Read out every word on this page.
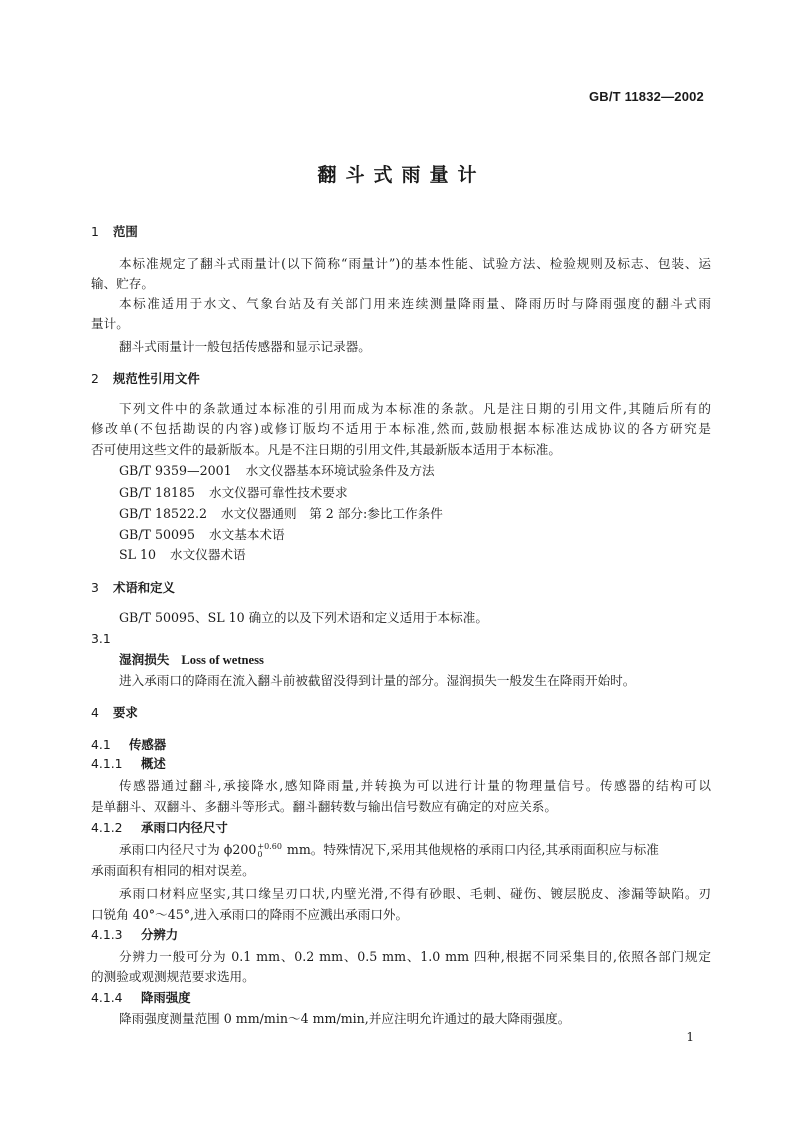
GB/T 11832—2002
翻斗式雨量计
1 范围
本标准规定了翻斗式雨量计(以下简称“雨量计”)的基本性能、试验方法、检验规则及标志、包装、运
输、贮存。
本标准适用于水文、气象台站及有关部门用来连续测量降雨量、降雨历时与降雨强度的翻斗式雨
量计。
翻斗式雨量计一般包括传感器和显示记录器。
2 规范性引用文件
下列文件中的条款通过本标准的引用而成为本标准的条款。凡是注日期的引用文件,其随后所有的
修改单(不包括勘误的内容)或修订版均不适用于本标准,然而,鼓励根据本标准达成协议的各方研究是
否可使用这些文件的最新版本。凡是不注日期的引用文件,其最新版本适用于本标准。
GB/T 9359—2001 水文仪器基本环境试验条件及方法
GB/T 18185 水文仪器可靠性技术要求
GB/T 18522.2 水文仪器通则　第 2 部分:参比工作条件
GB/T 50095 水文基本术语
SL 10 水文仪器术语
3 术语和定义
GB/T 50095、SL 10 确立的以及下列术语和定义适用于本标准。
3.1
湿润损失 Loss of wetness
进入承雨口的降雨在流入翻斗前被截留没得到计量的部分。湿润损失一般发生在降雨开始时。
4 要求
4.1 传感器
4.1.1 概述
传感器通过翻斗,承接降水,感知降雨量,并转换为可以进行计量的物理量信号。传感器的结构可以
是单翻斗、双翻斗、多翻斗等形式。翻斗翻转数与输出信号数应有确定的对应关系。
4.1.2 承雨口内径尺寸
承雨口内径尺寸为 ϕ200 +0.60
0	mm。特殊情况下,采用其他规格的承雨口内径,其承雨面积应与标准
承雨面积有相同的相对误差。
承雨口材料应坚实,其口缘呈刃口状,内壁光滑,不得有砂眼、毛刺、碰伤、镀层脱皮、渗漏等缺陷。刃
口锐角 40°～45°,进入承雨口的降雨不应溅出承雨口外。
4.1.3 分辨力
分辨力一般可分为 0.1 mm、0.2 mm、0.5 mm、1.0 mm 四种,根据不同采集目的,依照各部门规定
的测验或观测规范要求选用。
4.1.4 降雨强度
降雨强度测量范围 0 mm/min～4 mm/min,并应注明允许通过的最大降雨强度。
1
